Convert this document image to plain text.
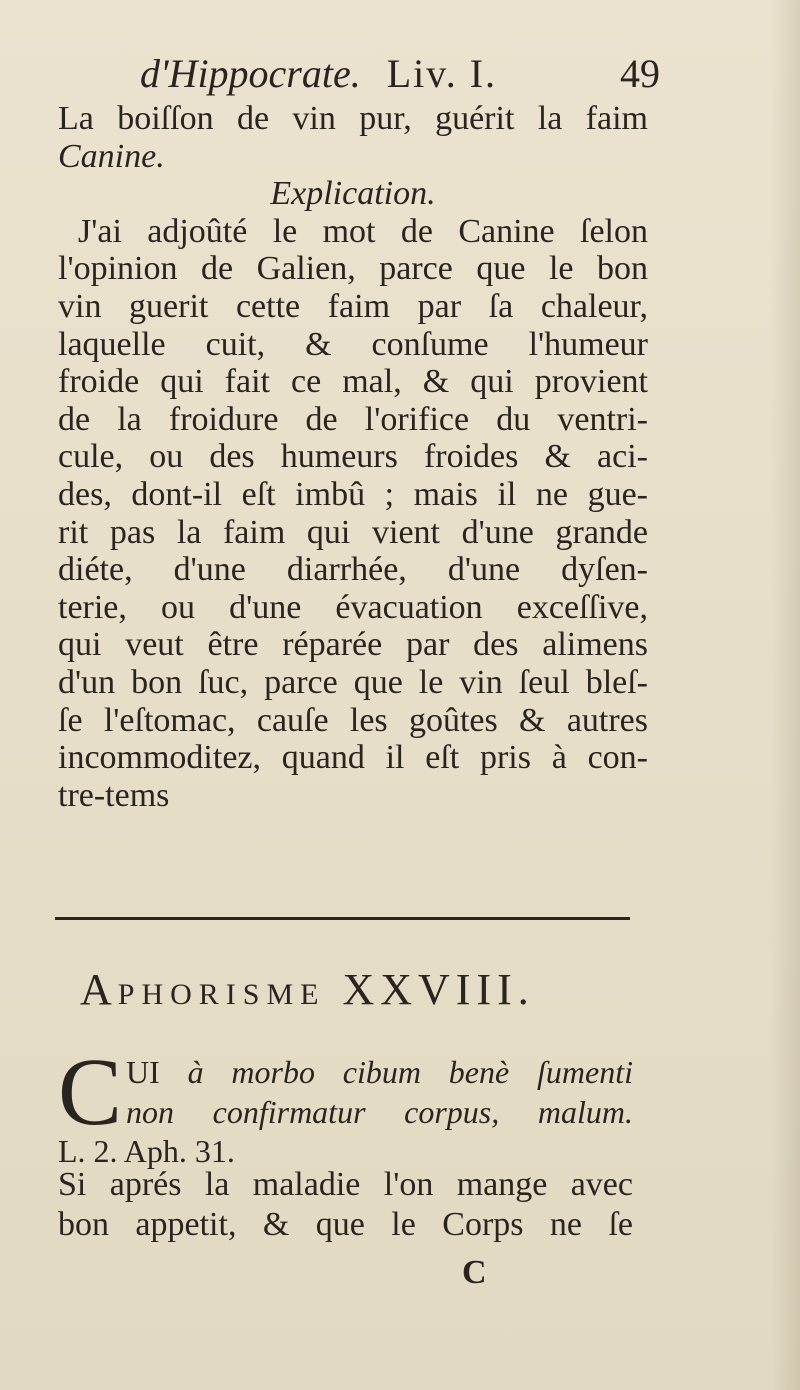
d'Hippocrate. Liv. I.	49
La boiſſon de vin pur, guérit la faim
Canine.
Explication.
J'ai adjoûté le mot de Canine ſelon
l'opinion de Galien, parce que le bon
vin guerit cette faim par ſa chaleur,
laquelle cuit, & conſume l'humeur
froide qui fait ce mal, & qui provient
de la froidure de l'orifice du ventri-
cule, ou des humeurs froides & aci-
des, dont-il eſt imbû ; mais il ne gue-
rit pas la faim qui vient d'une grande
diéte, d'une diarrhée, d'une dyſen-
terie, ou d'une évacuation exceſſive,
qui veut être réparée par des alimens
d'un bon ſuc, parce que le vin ſeul bleſ-
ſe l'eſtomac, cauſe les goûtes & autres
incommoditez, quand il eſt pris à con-
tre-tems
APHORISME XXVIII.
C UI à morbo cibum benè ſumenti
non confirmatur corpus, malum.
L. 2. Aph. 31.
Si aprés la maladie l'on mange avec
bon appetit, & que le Corps ne ſe
C
